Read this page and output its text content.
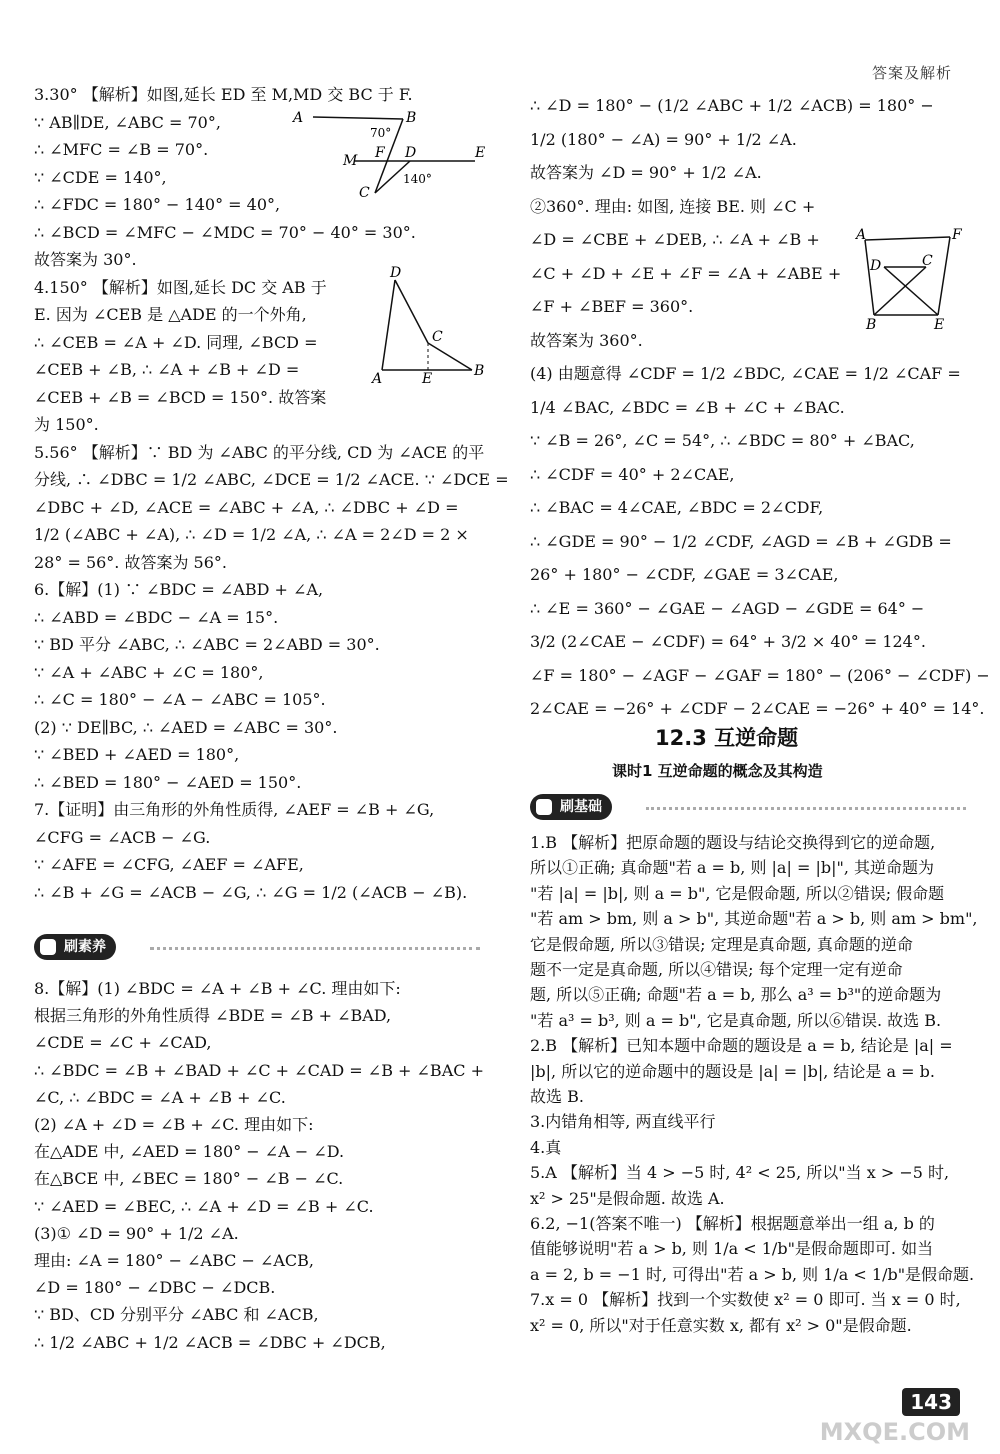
答案及解析
3.30° 【解析】如图,延长 ED 至 M,MD 交 BC 于 F.
∵ AB∥DE, ∠ABC = 70°,
∴ ∠MFC = ∠B = 70°.
∵ ∠CDE = 140°,
∴ ∠FDC = 180° − 140° = 40°,
∴ ∠BCD = ∠MFC − ∠MDC = 70° − 40° = 30°.
故答案为 30°.
4.150° 【解析】如图,延长 DC 交 AB 于
E. 因为 ∠CEB 是 △ADE 的一个外角,
∴ ∠CEB = ∠A + ∠D. 同理, ∠BCD =
∠CEB + ∠B, ∴ ∠A + ∠B + ∠D =
∠CEB + ∠B = ∠BCD = 150°. 故答案
为 150°.
5.56° 【解析】∵ BD 为 ∠ABC 的平分线, CD 为 ∠ACE 的平
分线, ∴ ∠DBC = 1/2 ∠ABC, ∠DCE = 1/2 ∠ACE. ∵ ∠DCE =
∠DBC + ∠D, ∠ACE = ∠ABC + ∠A, ∴ ∠DBC + ∠D =
1/2 (∠ABC + ∠A), ∴ ∠D = 1/2 ∠A, ∴ ∠A = 2∠D = 2 ×
28° = 56°. 故答案为 56°.
6.【解】(1) ∵ ∠BDC = ∠ABD + ∠A,
∴ ∠ABD = ∠BDC − ∠A = 15°.
∵ BD 平分 ∠ABC, ∴ ∠ABC = 2∠ABD = 30°.
∵ ∠A + ∠ABC + ∠C = 180°,
∴ ∠C = 180° − ∠A − ∠ABC = 105°.
(2) ∵ DE∥BC, ∴ ∠AED = ∠ABC = 30°.
∵ ∠BED + ∠AED = 180°,
∴ ∠BED = 180° − ∠AED = 150°.
7.【证明】由三角形的外角性质得, ∠AEF = ∠B + ∠G,
∠CFG = ∠ACB − ∠G.
∵ ∠AFE = ∠CFG, ∠AEF = ∠AFE,
∴ ∠B + ∠G = ∠ACB − ∠G, ∴ ∠G = 1/2 (∠ACB − ∠B).
8.【解】(1) ∠BDC = ∠A + ∠B + ∠C. 理由如下:
根据三角形的外角性质得 ∠BDE = ∠B + ∠BAD,
∠CDE = ∠C + ∠CAD,
∴ ∠BDC = ∠B + ∠BAD + ∠C + ∠CAD = ∠B + ∠BAC +
∠C, ∴ ∠BDC = ∠A + ∠B + ∠C.
(2) ∠A + ∠D = ∠B + ∠C. 理由如下:
在△ADE 中, ∠AED = 180° − ∠A − ∠D.
在△BCE 中, ∠BEC = 180° − ∠B − ∠C.
∵ ∠AED = ∠BEC, ∴ ∠A + ∠D = ∠B + ∠C.
(3)① ∠D = 90° + 1/2 ∠A.
理由: ∠A = 180° − ∠ABC − ∠ACB,
∠D = 180° − ∠DBC − ∠DCB.
∵ BD、CD 分别平分 ∠ABC 和 ∠ACB,
∴ 1/2 ∠ABC + 1/2 ∠ACB = ∠DBC + ∠DCB,
∴ ∠D = 180° − (1/2 ∠ABC + 1/2 ∠ACB) = 180° −
1/2 (180° − ∠A) = 90° + 1/2 ∠A.
故答案为 ∠D = 90° + 1/2 ∠A.
②360°. 理由: 如图, 连接 BE. 则 ∠C +
∠D = ∠CBE + ∠DEB, ∴ ∠A + ∠B +
∠C + ∠D + ∠E + ∠F = ∠A + ∠ABE +
∠F + ∠BEF = 360°.
故答案为 360°.
(4) 由题意得 ∠CDF = 1/2 ∠BDC, ∠CAE = 1/2 ∠CAF =
1/4 ∠BAC, ∠BDC = ∠B + ∠C + ∠BAC.
∵ ∠B = 26°, ∠C = 54°, ∴ ∠BDC = 80° + ∠BAC,
∴ ∠CDF = 40° + 2∠CAE,
∴ ∠BAC = 4∠CAE, ∠BDC = 2∠CDF,
∴ ∠GDE = 90° − 1/2 ∠CDF, ∠AGD = ∠B + ∠GDB =
26° + 180° − ∠CDF, ∠GAE = 3∠CAE,
∴ ∠E = 360° − ∠GAE − ∠AGD − ∠GDE = 64° −
3/2 (2∠CAE − ∠CDF) = 64° + 3/2 × 40° = 124°.
∠F = 180° − ∠AGF − ∠GAF = 180° − (206° − ∠CDF) −
2∠CAE = −26° + ∠CDF − 2∠CAE = −26° + 40° = 14°.
1.B 【解析】把原命题的题设与结论交换得到它的逆命题,
所以①正确; 真命题"若 a = b, 则 |a| = |b|", 其逆命题为
"若 |a| = |b|, 则 a = b", 它是假命题, 所以②错误; 假命题
"若 am > bm, 则 a > b", 其逆命题"若 a > b, 则 am > bm",
它是假命题, 所以③错误; 定理是真命题, 真命题的逆命
题不一定是真命题, 所以④错误; 每个定理一定有逆命
题, 所以⑤正确; 命题"若 a = b, 那么 a³ = b³"的逆命题为
"若 a³ = b³, 则 a = b", 它是真命题, 所以⑥错误. 故选 B.
2.B 【解析】已知本题中命题的题设是 a = b, 结论是 |a| =
|b|, 所以它的逆命题中的题设是 |a| = |b|, 结论是 a = b.
故选 B.
3.内错角相等, 两直线平行
4.真
5.A 【解析】当 4 > −5 时, 4² < 25, 所以"当 x > −5 时,
x² > 25"是假命题. 故选 A.
6.2, −1(答案不唯一) 【解析】根据题意举出一组 a, b 的
值能够说明"若 a > b, 则 1/a < 1/b"是假命题即可. 如当
a = 2, b = −1 时, 可得出"若 a > b, 则 1/a < 1/b"是假命题.
7.x = 0 【解析】找到一个实数使 x² = 0 即可. 当 x = 0 时,
x² = 0, 所以"对于任意实数 x, 都有 x² > 0"是假命题.
刷素养
12.3 互逆命题
课时1 互逆命题的概念及其构造
刷基础
A	B
70°
M F D	E
140°
C
D
C
A	E	B
A	F
D	C
B	E
MXQE.COM
143
